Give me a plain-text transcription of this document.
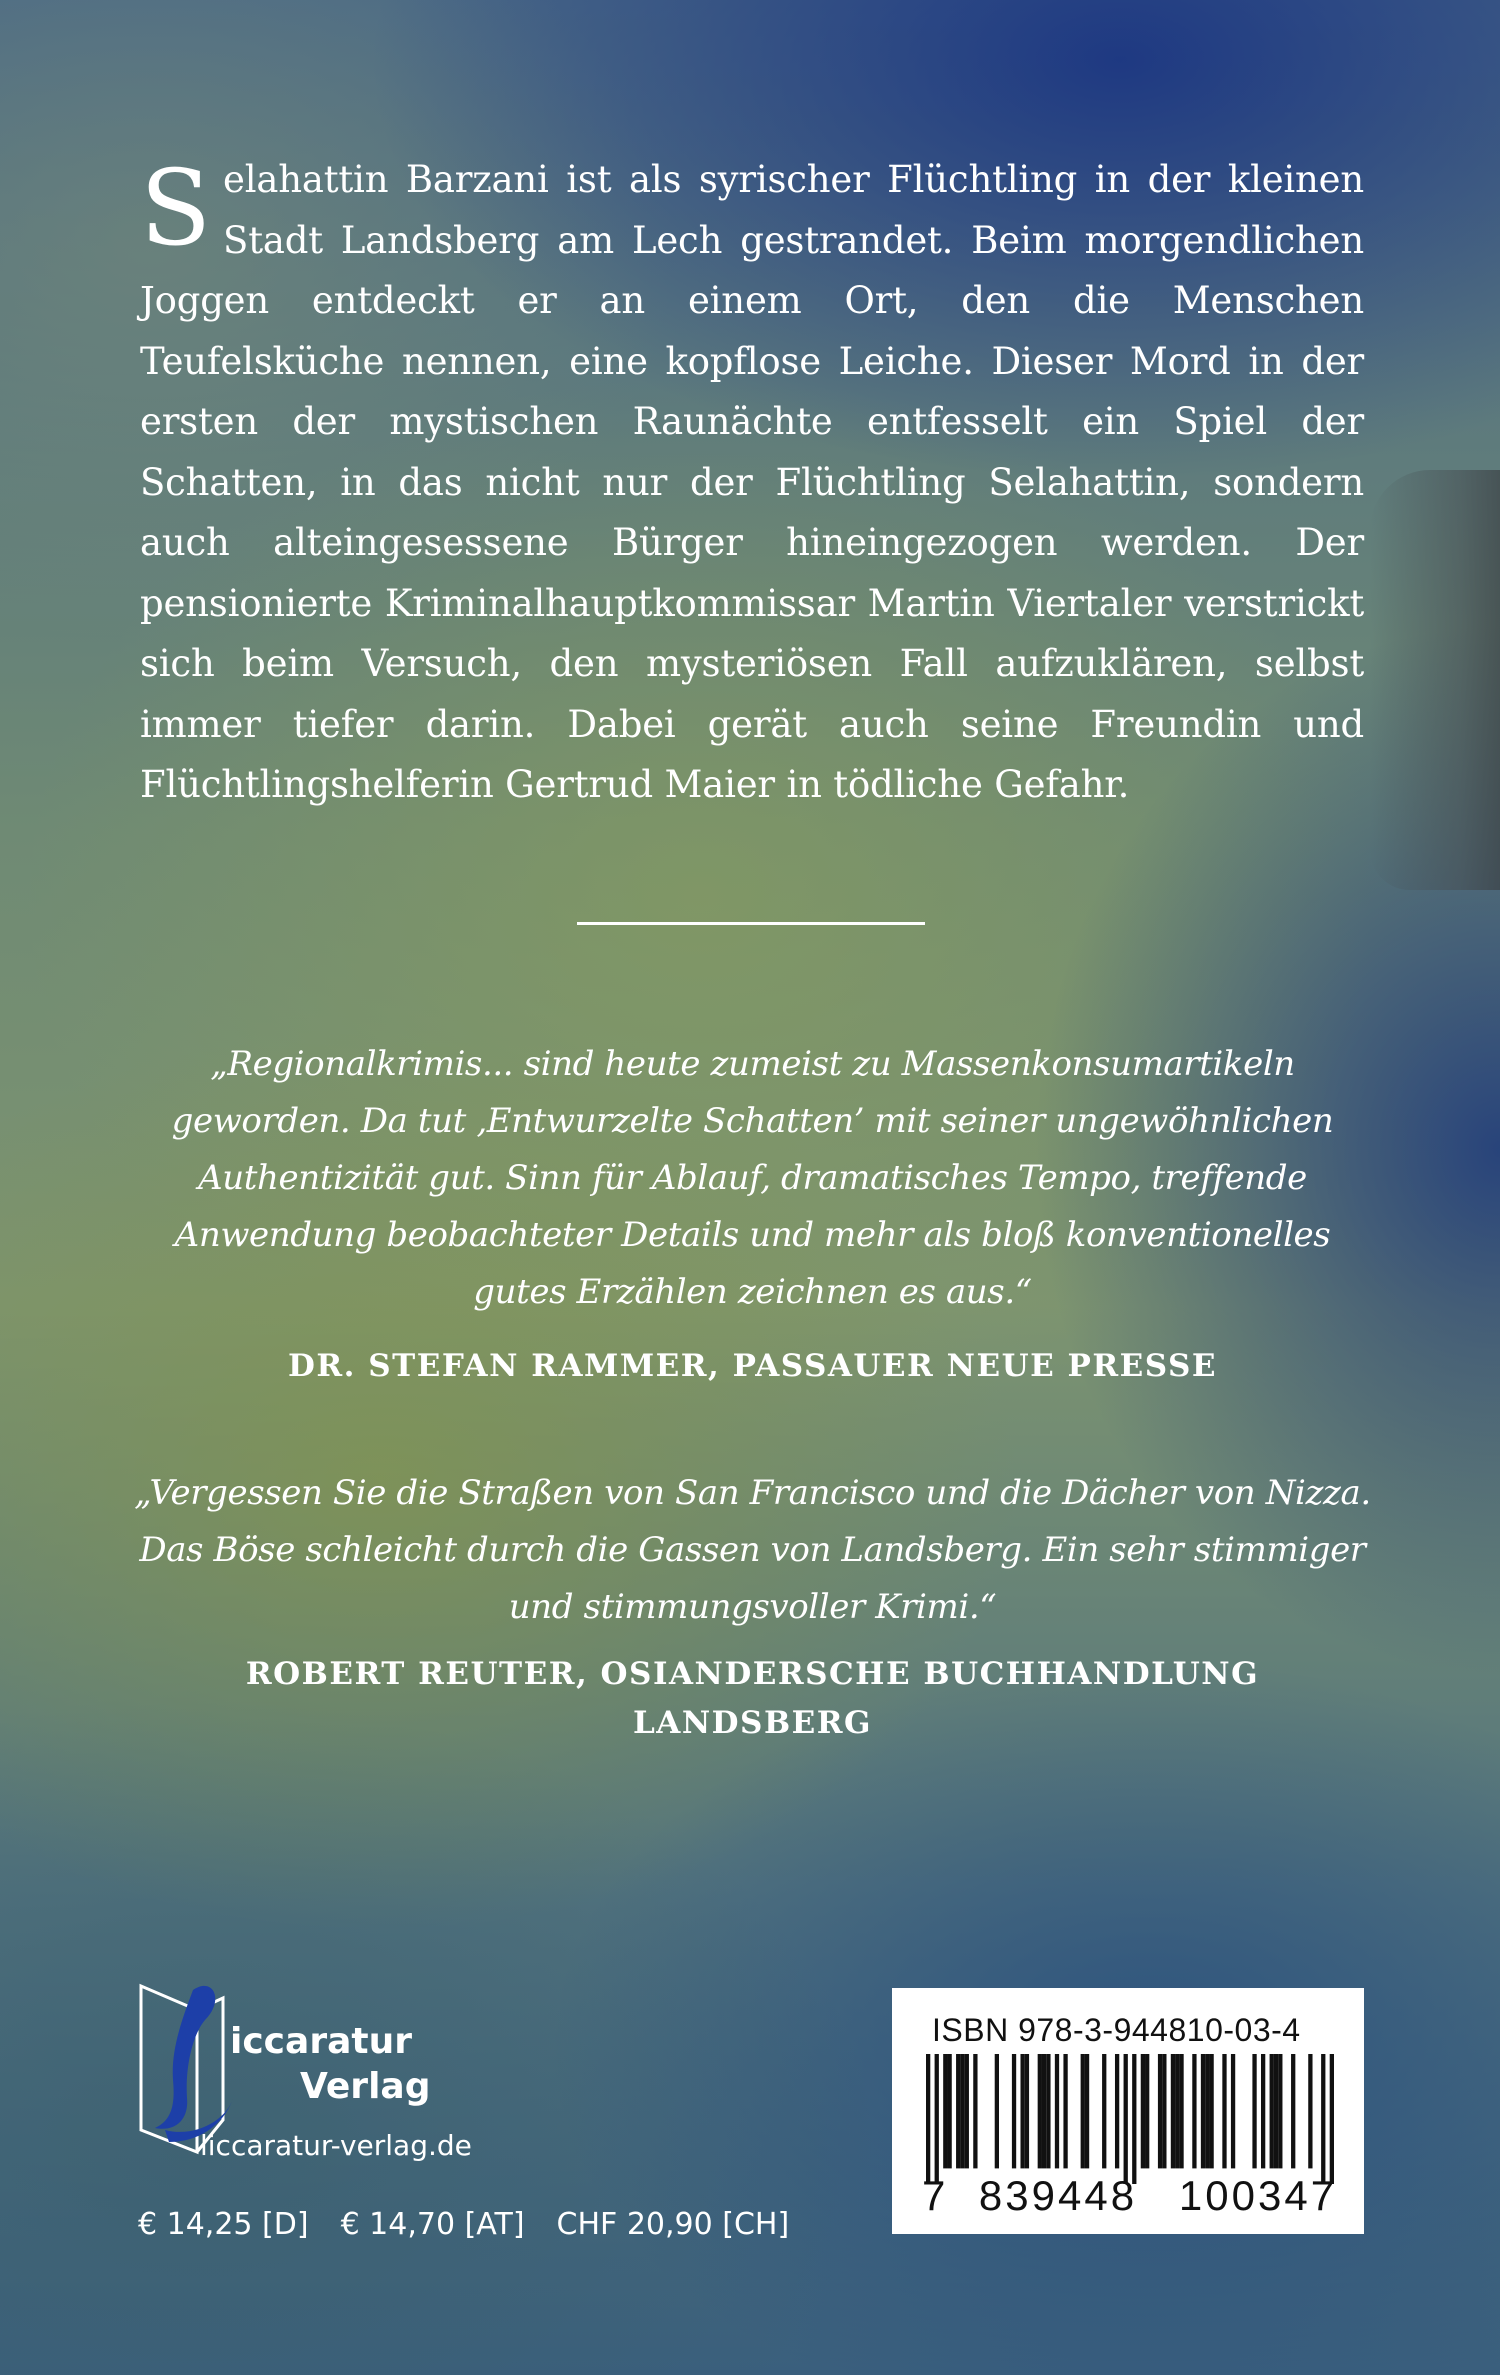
Selahattin Barzani ist als syrischer Flüchtling in der kleinen Stadt Landsberg am Lech gestrandet. Beim morgendlichen Joggen entdeckt er an einem Ort, den die Menschen Teufelsküche nennen, eine kopflose Leiche. Dieser Mord in der ersten der mystischen Raunächte entfesselt ein Spiel der Schatten, in das nicht nur der Flüchtling Selahattin, sondern auch alteingesessene Bürger hineingezogen werden. Der pensionierte Kriminalhauptkommissar Martin Viertaler verstrickt sich beim Versuch, den mysteriösen Fall aufzuklären, selbst immer tiefer darin. Dabei gerät auch seine Freundin und Flüchtlingshelferin Gertrud Maier in tödliche Gefahr.

„Regionalkrimis... sind heute zumeist zu Massenkonsumartikeln geworden. Da tut ‚Entwurzelte Schatten’ mit seiner ungewöhnlichen Authentizität gut. Sinn für Ablauf, dramatisches Tempo, treffende Anwendung beobachteter Details und mehr als bloß konventionelles gutes Erzählen zeichnen es aus.“

DR. STEFAN RAMMER, PASSAUER NEUE PRESSE

„Vergessen Sie die Straßen von San Francisco und die Dächer von Nizza. Das Böse schleicht durch die Gassen von Landsberg. Ein sehr stimmiger und stimmungsvoller Krimi.“

ROBERT REUTER, OSIANDERSCHE BUCHHANDLUNG LANDSBERG

iccaratur

Verlag

liccaratur-verlag.de

€ 14,25 [D] € 14,70 [AT] CHF 20,90 [CH]

ISBN 978-3-944810-03-4

7 839448 100347
